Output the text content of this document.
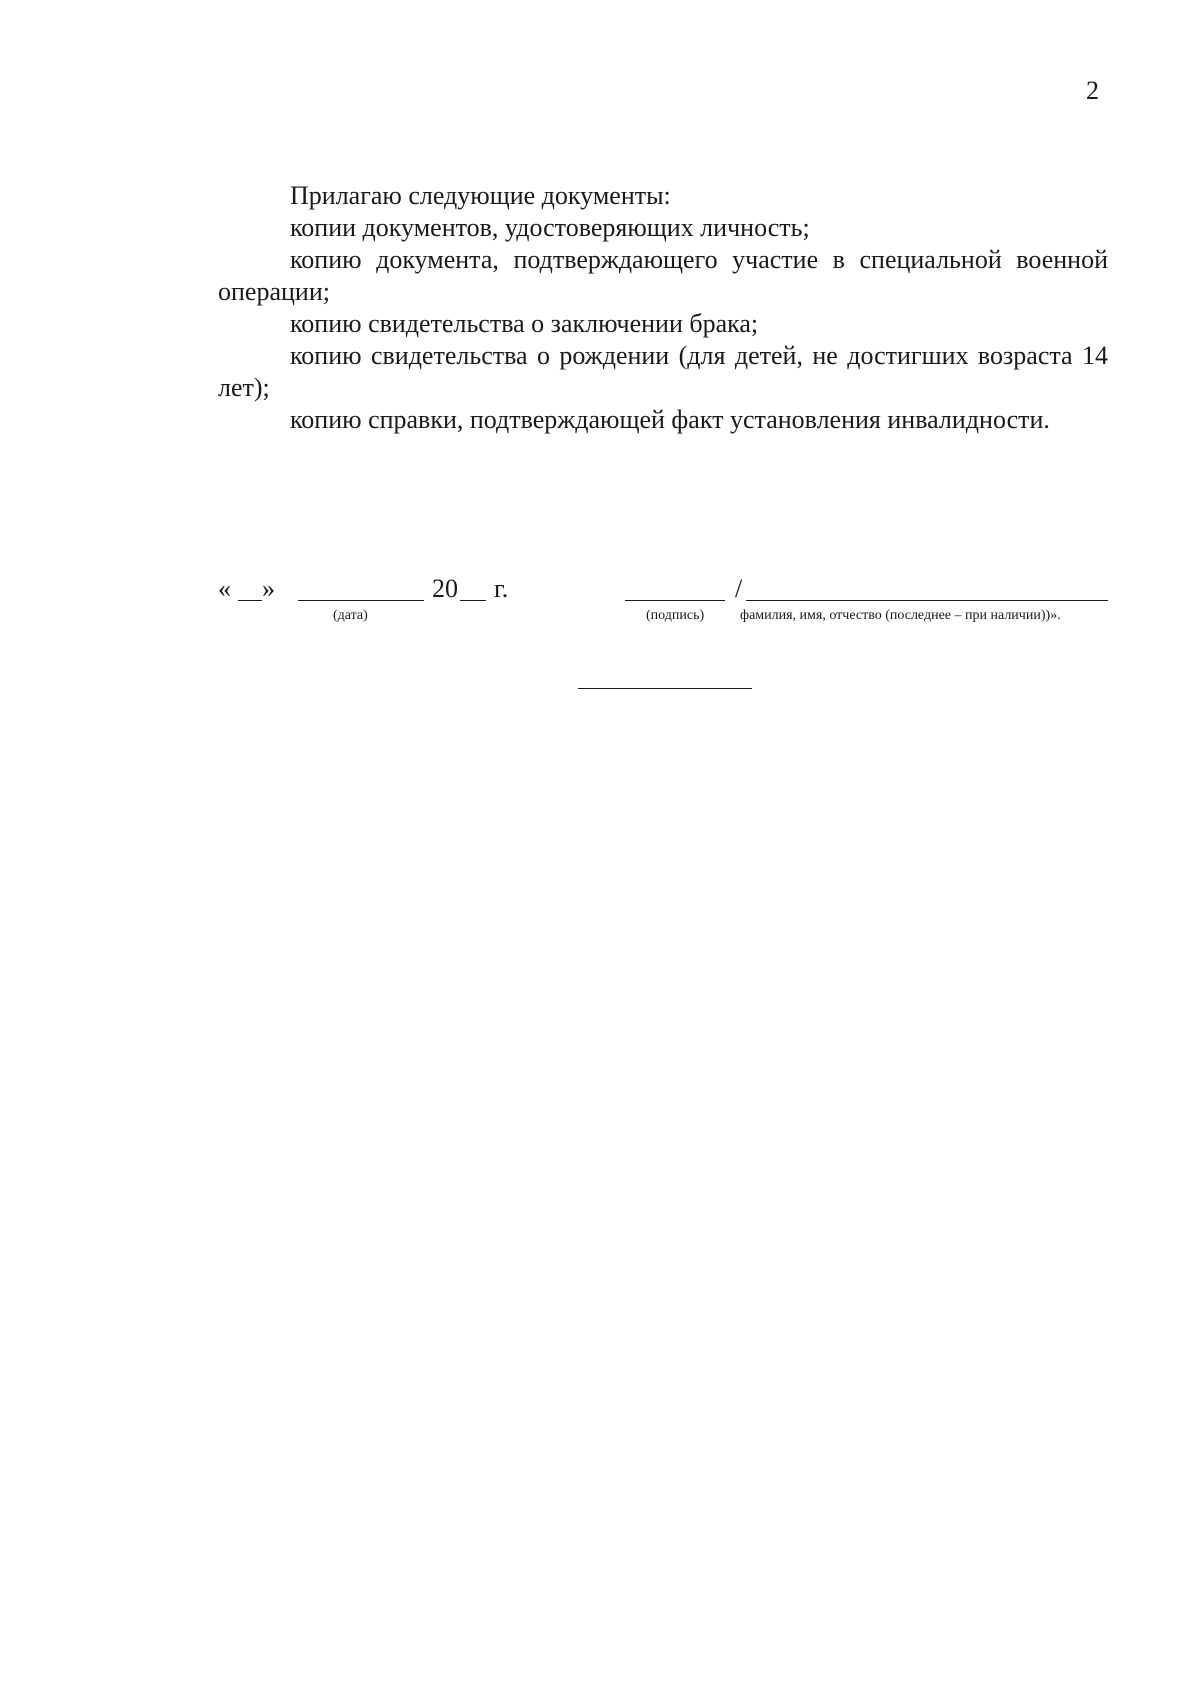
2

Прилагаю следующие документы:

копии документов, удостоверяющих личность;

копию документа, подтверждающего участие в специальной военной операции;

копию свидетельства о заключении брака;

копию свидетельства о рождении (для детей, не достигших возраста 14 лет);

копию справки, подтверждающей факт установления инвалидности.

« »	20 г.
(дата)
/
(подпись)	фамилия, имя, отчество (последнее – при наличии))».
